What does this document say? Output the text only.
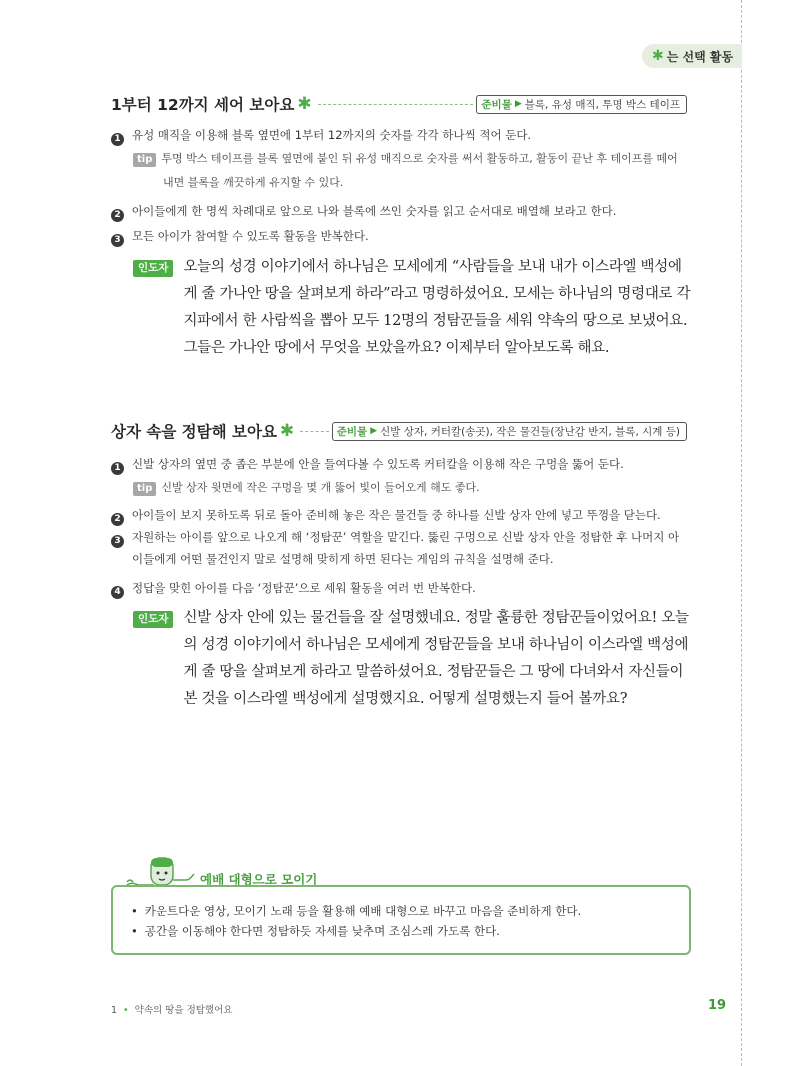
✱ 는 선택 활동
1부터 12까지 세어 보아요 ✱	준비물 ▶ 블록, 유성 매직, 투명 박스 테이프
1 유성 매직을 이용해 블록 옆면에 1부터 12까지의 숫자를 각각 하나씩 적어 둔다.
tip 투명 박스 테이프를 블록 옆면에 붙인 뒤 유성 매직으로 숫자를 써서 활동하고, 활동이 끝난 후 테이프를 떼어
내면 블록을 깨끗하게 유지할 수 있다.
2 아이들에게 한 명씩 차례대로 앞으로 나와 블록에 쓰인 숫자를 읽고 순서대로 배열해 보라고 한다.
3 모든 아이가 참여할 수 있도록 활동을 반복한다.
인도자	오늘의 성경 이야기에서 하나님은 모세에게 “사람들을 보내 내가 이스라엘 백성에게 줄 가나안 땅을 살펴보게 하라”라고 명령하셨어요. 모세는 하나님의 명령대로 각 지파에서 한 사람씩을 뽑아 모두 12명의 정탐꾼들을 세워 약속의 땅으로 보냈어요. 그들은 가나안 땅에서 무엇을 보았을까요? 이제부터 알아보도록 해요.
상자 속을 정탐해 보아요 ✱	준비물 ▶ 신발 상자, 커터칼(송곳), 작은 물건들(장난감 반지, 블록, 시계 등)
1 신발 상자의 옆면 중 좁은 부분에 안을 들여다볼 수 있도록 커터칼을 이용해 작은 구멍을 뚫어 둔다.
tip 신발 상자 윗면에 작은 구멍을 몇 개 뚫어 빛이 들어오게 해도 좋다.
2 아이들이 보지 못하도록 뒤로 돌아 준비해 놓은 작은 물건들 중 하나를 신발 상자 안에 넣고 뚜껑을 닫는다.
3 자원하는 아이를 앞으로 나오게 해 ‘정탐꾼’ 역할을 맡긴다. 뚫린 구멍으로 신발 상자 안을 정탐한 후 나머지 아
이들에게 어떤 물건인지 말로 설명해 맞히게 하면 된다는 게임의 규칙을 설명해 준다.
4 정답을 맞힌 아이를 다음 ‘정탐꾼’으로 세워 활동을 여러 번 반복한다.
인도자	신발 상자 안에 있는 물건들을 잘 설명했네요. 정말 훌륭한 정탐꾼들이었어요! 오늘의 성경 이야기에서 하나님은 모세에게 정탐꾼들을 보내 하나님이 이스라엘 백성에게 줄 땅을 살펴보게 하라고 말씀하셨어요. 정탐꾼들은 그 땅에 다녀와서 자신들이 본 것을 이스라엘 백성에게 설명했지요. 어떻게 설명했는지 들어 볼까요?
예배 대형으로 모이기
• 카운트다운 영상, 모이기 노래 등을 활용해 예배 대형으로 바꾸고 마음을 준비하게 한다.
• 공간을 이동해야 한다면 정탐하듯 자세를 낮추며 조심스레 가도록 한다.
1 • 약속의 땅을 정탐했어요	19
